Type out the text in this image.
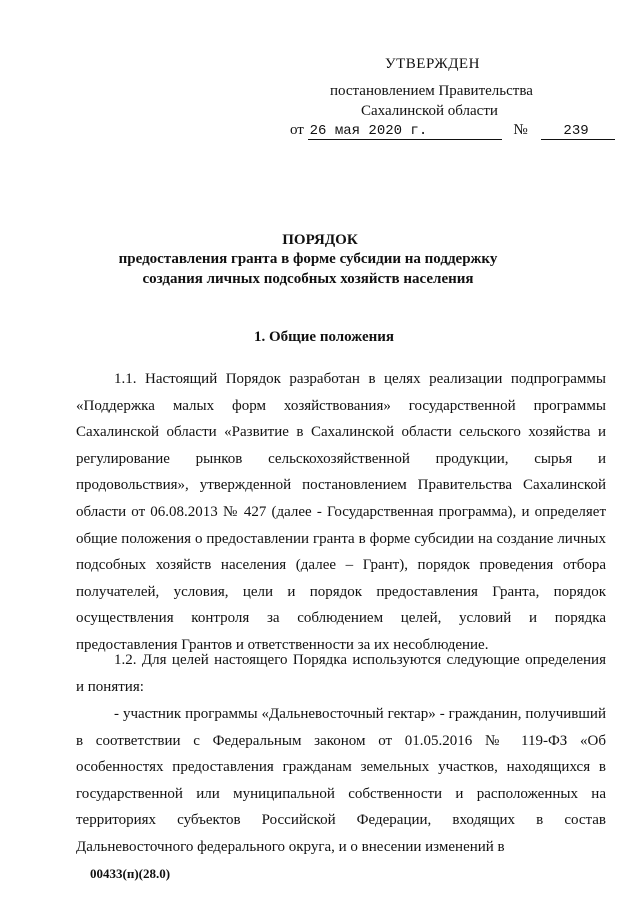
УТВЕРЖДЕН
постановлением Правительства
Сахалинской области
от 26 мая 2020 г.	№	239
ПОРЯДОК
предоставления гранта в форме субсидии на поддержку
создания личных подсобных хозяйств населения
1. Общие положения
1.1. Настоящий Порядок разработан в целях реализации подпрограммы «Поддержка малых форм хозяйствования» государственной программы Сахалинской области «Развитие в Сахалинской области сельского хозяйства и регулирование рынков сельскохозяйственной продукции, сырья и продовольствия», утвержденной постановлением Правительства Сахалинской области от 06.08.2013 № 427 (далее - Государственная программа), и определяет общие положения о предоставлении гранта в форме субсидии на создание личных подсобных хозяйств населения (далее – Грант), порядок проведения отбора получателей, условия, цели и порядок предоставления Гранта, порядок осуществления контроля за соблюдением целей, условий и порядка предоставления Грантов и ответственности за их несоблюдение.
1.2. Для целей настоящего Порядка используются следующие определения и понятия:
- участник программы «Дальневосточный гектар» - гражданин, получивший в соответствии с Федеральным законом от 01.05.2016 № 119-ФЗ «Об особенностях предоставления гражданам земельных участков, находящихся в государственной или муниципальной собственности и расположенных на территориях субъектов Российской Федерации, входящих в состав Дальневосточного федерального округа, и о внесении изменений в
00433(п)(28.0)
